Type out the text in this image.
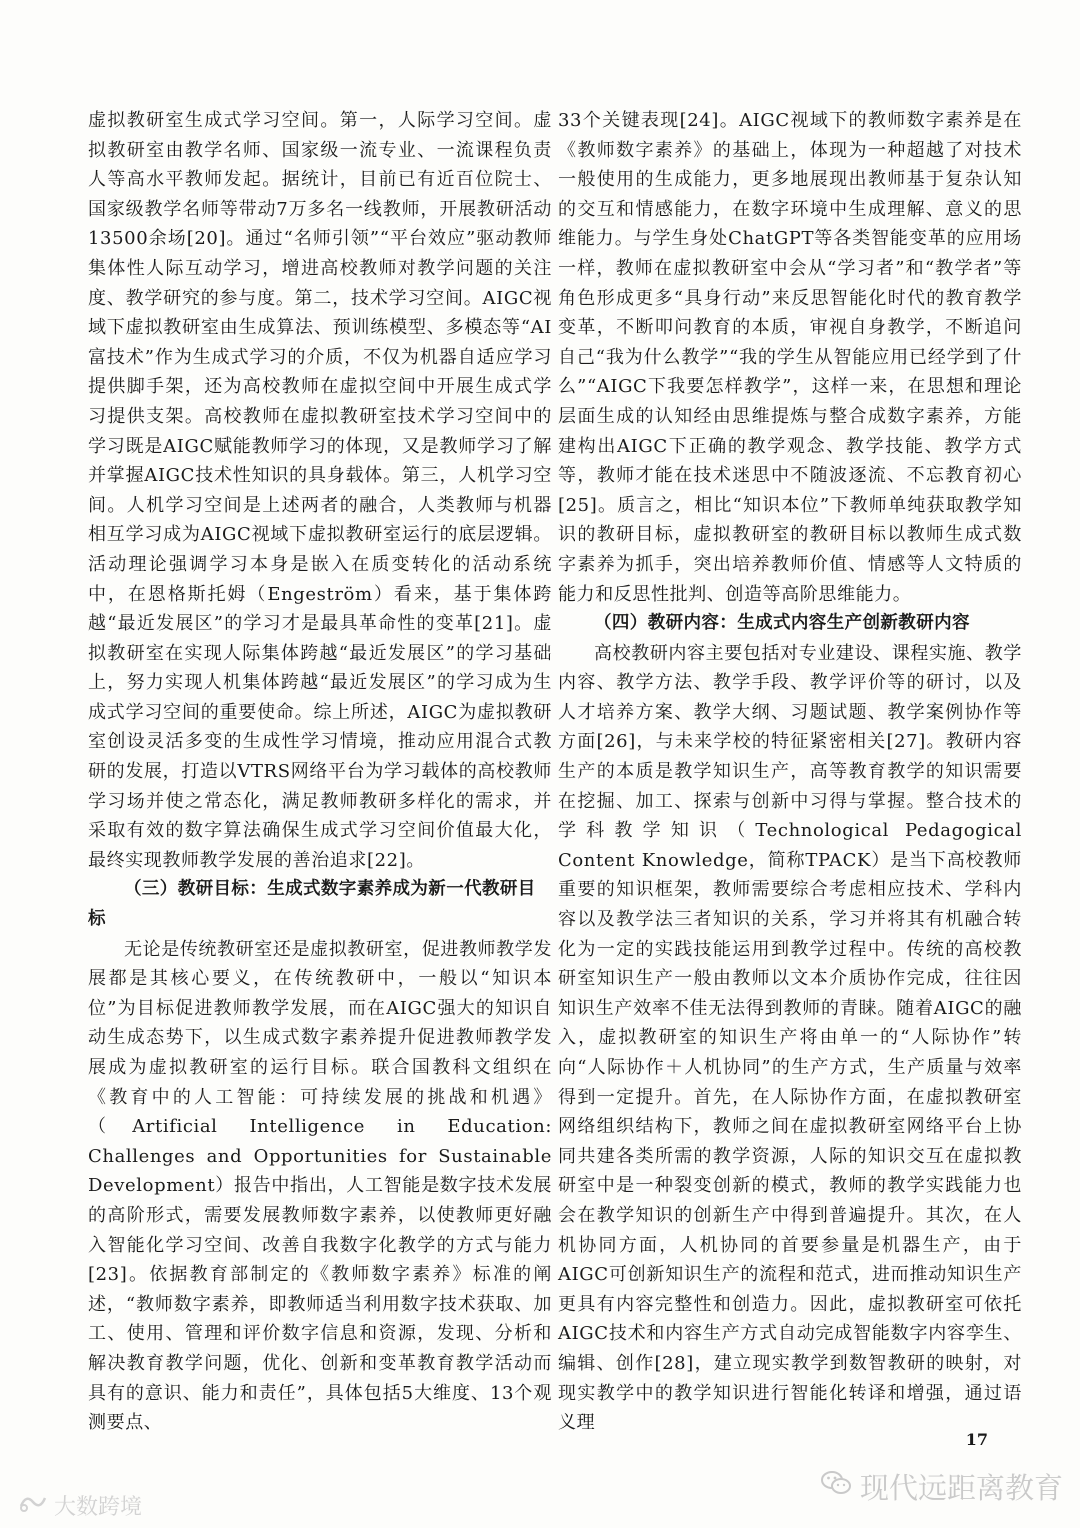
虚拟教研室生成式学习空间。第一，人际学习空间。虚拟教研室由教学名师、国家级一流专业、一流课程负责人等高水平教师发起。据统计，目前已有近百位院士、国家级教学名师等带动7万多名一线教师，开展教研活动13500余场[20]。通过“名师引领”“平台效应”驱动教师集体性人际互动学习，增进高校教师对教学问题的关注度、教学研究的参与度。第二，技术学习空间。AIGC视域下虚拟教研室由生成算法、预训练模型、多模态等“AI富技术”作为生成式学习的介质，不仅为机器自适应学习提供脚手架，还为高校教师在虚拟空间中开展生成式学习提供支架。高校教师在虚拟教研室技术学习空间中的学习既是AIGC赋能教师学习的体现，又是教师学习了解并掌握AIGC技术性知识的具身载体。第三，人机学习空间。人机学习空间是上述两者的融合，人类教师与机器相互学习成为AIGC视域下虚拟教研室运行的底层逻辑。活动理论强调学习本身是嵌入在质变转化的活动系统中，在恩格斯托姆（Engeström）看来，基于集体跨越“最近发展区”的学习才是最具革命性的变革[21]。虚拟教研室在实现人际集体跨越“最近发展区”的学习基础上，努力实现人机集体跨越“最近发展区”的学习成为生成式学习空间的重要使命。综上所述，AIGC为虚拟教研室创设灵活多变的生成性学习情境，推动应用混合式教研的发展，打造以VTRS网络平台为学习载体的高校教师学习场并使之常态化，满足教师教研多样化的需求，并采取有效的数字算法确保生成式学习空间价值最大化，最终实现教师教学发展的善治追求[22]。

（三）教研目标：生成式数字素养成为新一代教研目标

无论是传统教研室还是虚拟教研室，促进教师教学发展都是其核心要义，在传统教研中，一般以“知识本位”为目标促进教师教学发展，而在AIGC强大的知识自动生成态势下，以生成式数字素养提升促进教师教学发展成为虚拟教研室的运行目标。联合国教科文组织在《教育中的人工智能：可持续发展的挑战和机遇》（Artificial Intelligence in Education: Challenges and Opportunities for Sustainable Development）报告中指出，人工智能是数字技术发展的高阶形式，需要发展教师数字素养，以使教师更好融入智能化学习空间、改善自我数字化教学的方式与能力[23]。依据教育部制定的《教师数字素养》标准的阐述，“教师数字素养，即教师适当利用数字技术获取、加工、使用、管理和评价数字信息和资源，发现、分析和解决教育教学问题，优化、创新和变革教育教学活动而具有的意识、能力和责任”，具体包括5大维度、13个观测要点、

33个关键表现[24]。AIGC视域下的教师数字素养是在《教师数字素养》的基础上，体现为一种超越了对技术一般使用的生成能力，更多地展现出教师基于复杂认知的交互和情感能力，在数字环境中生成理解、意义的思维能力。与学生身处ChatGPT等各类智能变革的应用场一样，教师在虚拟教研室中会从“学习者”和“教学者”等角色形成更多“具身行动”来反思智能化时代的教育教学变革，不断叩问教育的本质，审视自身教学，不断追问自己“我为什么教学”“我的学生从智能应用已经学到了什么”“AIGC下我要怎样教学”，这样一来，在思想和理论层面生成的认知经由思维提炼与整合成数字素养，方能建构出AIGC下正确的教学观念、教学技能、教学方式等，教师才能在技术迷思中不随波逐流、不忘教育初心[25]。质言之，相比“知识本位”下教师单纯获取教学知识的教研目标，虚拟教研室的教研目标以教师生成式数字素养为抓手，突出培养教师价值、情感等人文特质的能力和反思性批判、创造等高阶思维能力。

（四）教研内容：生成式内容生产创新教研内容

高校教研内容主要包括对专业建设、课程实施、教学内容、教学方法、教学手段、教学评价等的研讨，以及人才培养方案、教学大纲、习题试题、教学案例协作等方面[26]，与未来学校的特征紧密相关[27]。教研内容生产的本质是教学知识生产，高等教育教学的知识需要在挖掘、加工、探索与创新中习得与掌握。整合技术的学科教学知识（Technological Pedagogical Content Knowledge，简称TPACK）是当下高校教师重要的知识框架，教师需要综合考虑相应技术、学科内容以及教学法三者知识的关系，学习并将其有机融合转化为一定的实践技能运用到教学过程中。传统的高校教研室知识生产一般由教师以文本介质协作完成，往往因知识生产效率不佳无法得到教师的青睐。随着AIGC的融入，虚拟教研室的知识生产将由单一的“人际协作”转向“人际协作＋人机协同”的生产方式，生产质量与效率得到一定提升。首先，在人际协作方面，在虚拟教研室网络组织结构下，教师之间在虚拟教研室网络平台上协同共建各类所需的教学资源，人际的知识交互在虚拟教研室中是一种裂变创新的模式，教师的教学实践能力也会在教学知识的创新生产中得到普遍提升。其次，在人机协同方面，人机协同的首要参量是机器生产，由于AIGC可创新知识生产的流程和范式，进而推动知识生产更具有内容完整性和创造力。因此，虚拟教研室可依托AIGC技术和内容生产方式自动完成智能数字内容孪生、编辑、创作[28]，建立现实教学到数智教研的映射，对现实教学中的教学知识进行智能化转译和增强，通过语义理

17
现代远距离教育
大数跨境
